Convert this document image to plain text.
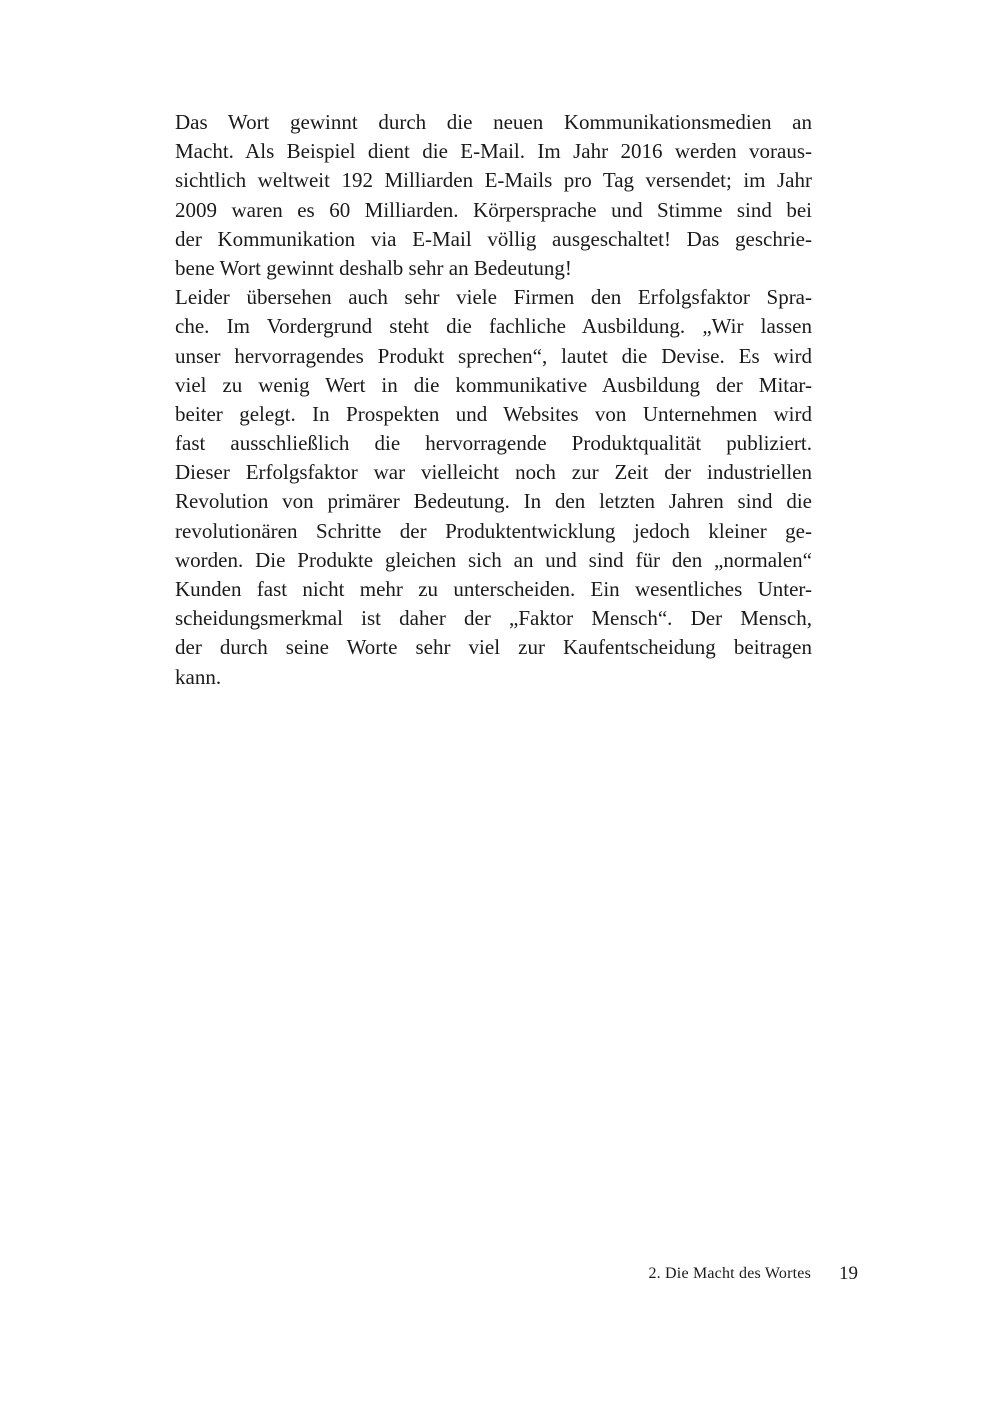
Das Wort gewinnt durch die neuen Kommunikationsmedien an
Macht. Als Beispiel dient die E-Mail. Im Jahr 2016 werden voraus-
sichtlich weltweit 192 Milliarden E-Mails pro Tag versendet; im Jahr
2009 waren es 60 Milliarden. Körpersprache und Stimme sind bei
der Kommunikation via E-Mail völlig ausgeschaltet! Das geschrie-
bene Wort gewinnt deshalb sehr an Bedeutung!
Leider übersehen auch sehr viele Firmen den Erfolgsfaktor Spra-
che. Im Vordergrund steht die fachliche Ausbildung. „Wir lassen
unser hervorragendes Produkt sprechen“, lautet die Devise. Es wird
viel zu wenig Wert in die kommunikative Ausbildung der Mitar-
beiter gelegt. In Prospekten und Websites von Unternehmen wird
fast ausschließlich die hervorragende Produktqualität publiziert.
Dieser Erfolgsfaktor war vielleicht noch zur Zeit der industriellen
Revolution von primärer Bedeutung. In den letzten Jahren sind die
revolutionären Schritte der Produktentwicklung jedoch kleiner ge-
worden. Die Produkte gleichen sich an und sind für den „normalen“
Kunden fast nicht mehr zu unterscheiden. Ein wesentliches Unter-
scheidungsmerkmal ist daher der „Faktor Mensch“. Der Mensch,
der durch seine Worte sehr viel zur Kaufentscheidung beitragen
kann.
2. Die Macht des Wortes 19
